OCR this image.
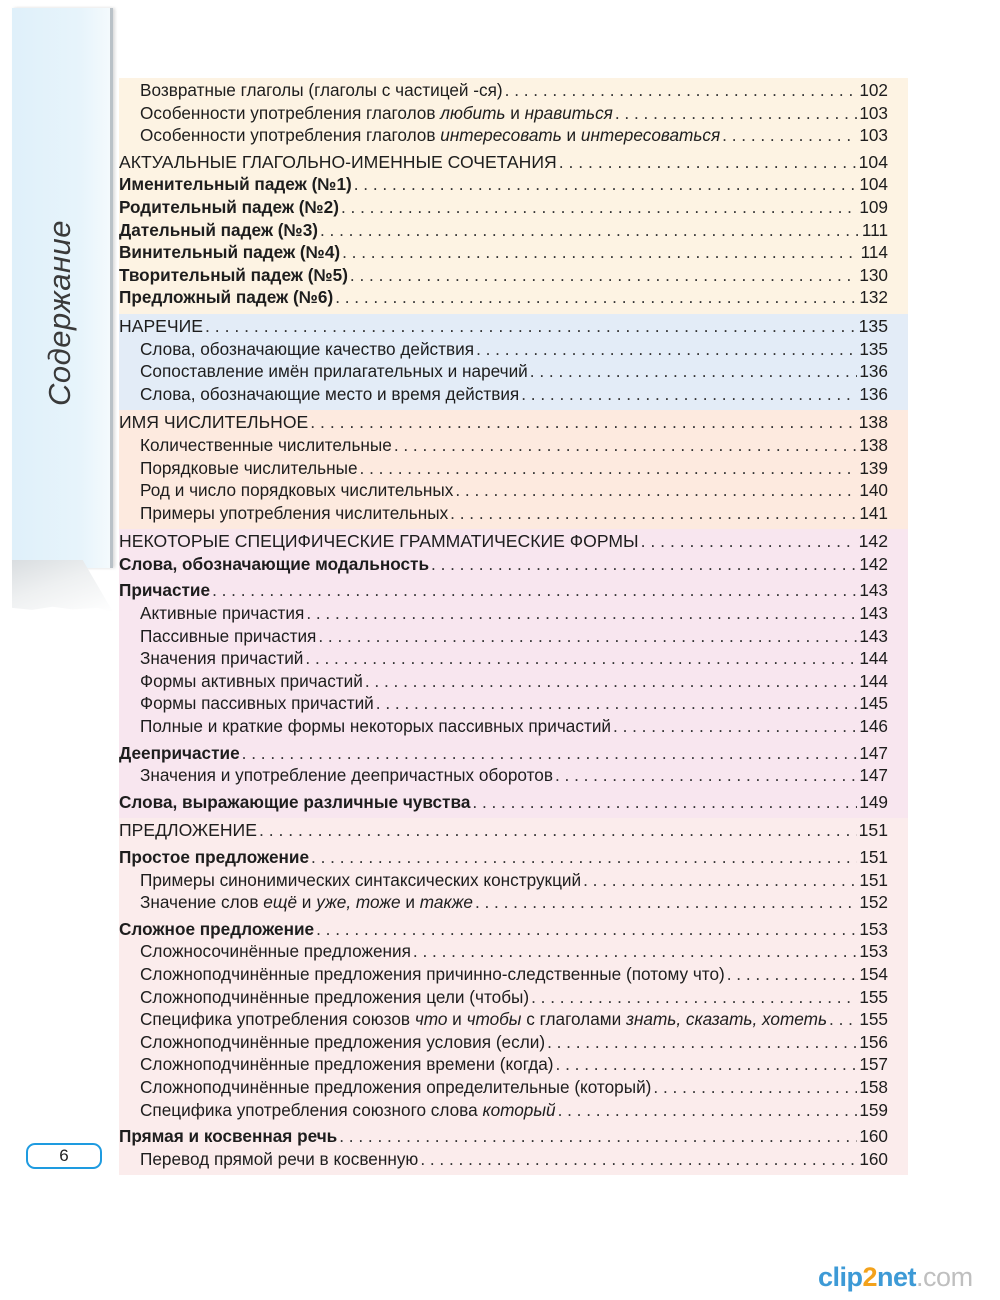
Содержание
6
Возвратные глаголы (глаголы с частицей -ся) . . .	102
Особенности употребления глаголов любить и нравиться . . .	103
Особенности употребления глаголов интересовать и интересоваться . . .	103
АКТУАЛЬНЫЕ ГЛАГОЛЬНО-ИМЕННЫЕ СОЧЕТАНИЯ . . .	104
Именительный падеж (№1) . . .	104
Родительный падеж (№2) . . .	109
Дательный падеж (№3) . . .	111
Винительный падеж (№4) . . .	114
Творительный падеж (№5) . . .	130
Предложный падеж (№6) . . .	132
НАРЕЧИЕ . . .	135
Слова, обозначающие качество действия . . .	135
Сопоставление имён прилагательных и наречий . . .	136
Слова, обозначающие место и время действия . . .	136
ИМЯ ЧИСЛИТЕЛЬНОЕ . . .	138
Количественные числительные . . .	138
Порядковые числительные . . .	139
Род и число порядковых числительных . . .	140
Примеры употребления числительных . . .	141
НЕКОТОРЫЕ СПЕЦИФИЧЕСКИЕ ГРАММАТИЧЕСКИЕ ФОРМЫ . . .	142
Слова, обозначающие модальность . . .	142
Причастие . . .	143
Активные причастия . . .	143
Пассивные причастия . . .	143
Значения причастий . . .	144
Формы активных причастий . . .	144
Формы пассивных причастий . . .	145
Полные и краткие формы некоторых пассивных причастий . . .	146
Деепричастие . . .	147
Значения и употребление деепричастных оборотов . . .	147
Слова, выражающие различные чувства . . .	149
ПРЕДЛОЖЕНИЕ . . .	151
Простое предложение . . .	151
Примеры синонимических синтаксических конструкций . . .	151
Значение слов ещё и уже, тоже и также . . .	152
Сложное предложение . . .	153
Сложносочинённые предложения . . .	153
Сложноподчинённые предложения причинно-следственные (потому что) . . .	154
Сложноподчинённые предложения цели (чтобы) . . .	155
Специфика употребления союзов что и чтобы с глаголами знать, сказать, хотеть . . . 155
Сложноподчинённые предложения условия (если) . . .	156
Сложноподчинённые предложения времени (когда) . . .	157
Сложноподчинённые предложения определительные (который) . . .	158
Специфика употребления союзного слова который . . .	159
Прямая и косвенная речь . . .	160
Перевод прямой речи в косвенную . . .	160
clip2net.com
